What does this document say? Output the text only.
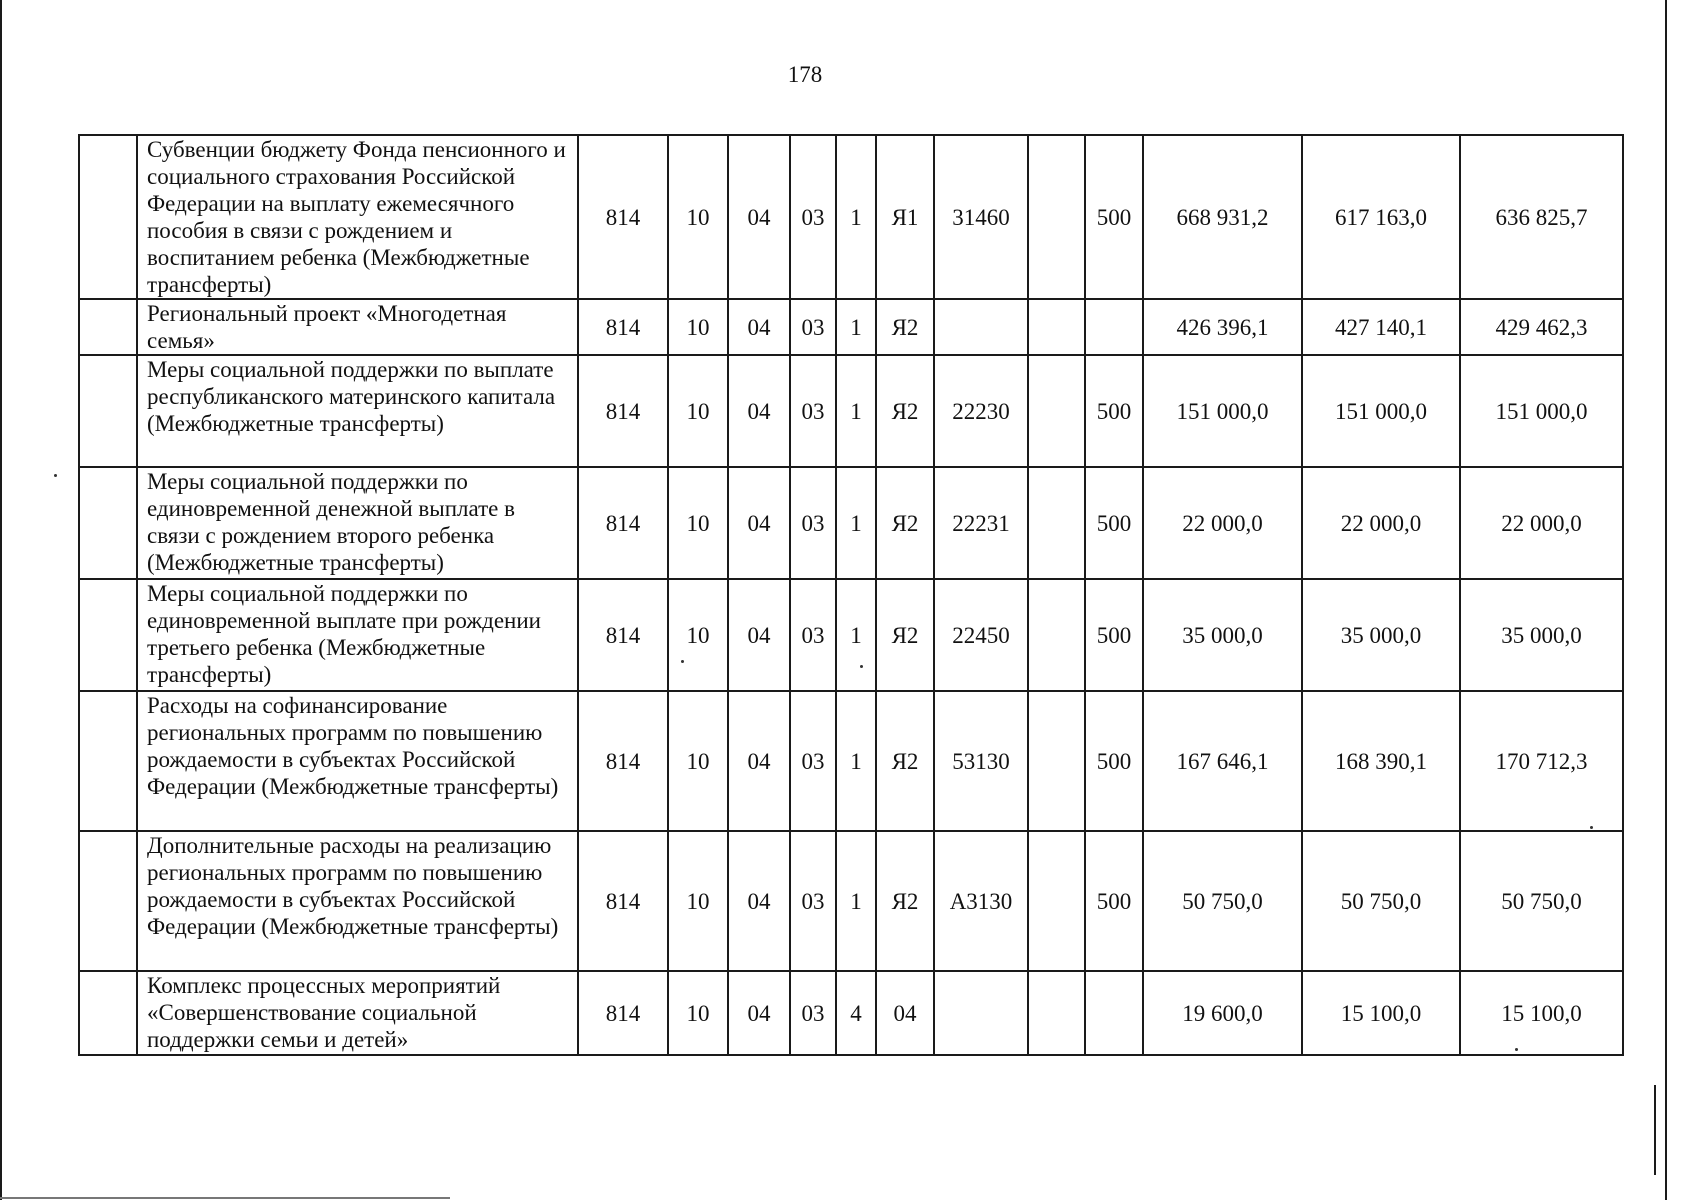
178
	Субвенции бюджету Фонда пенсионного и социального страхования Российской Федерации на выплату ежемесячного пособия в связи с рождением и воспитанием ребенка (Межбюджетные трансферты)	814	10	04	03	1	Я1	31460		500	668 931,2	617 163,0	636 825,7
	Региональный проект «Многодетная семья»	814	10	04	03	1	Я2				426 396,1	427 140,1	429 462,3
	Меры социальной поддержки по выплате республиканского материнского капитала (Межбюджетные трансферты)	814	10	04	03	1	Я2	22230		500	151 000,0	151 000,0	151 000,0
	Меры социальной поддержки по единовременной денежной выплате в связи с рождением второго ребенка (Межбюджетные трансферты)	814	10	04	03	1	Я2	22231		500	22 000,0	22 000,0	22 000,0
	Меры социальной поддержки по единовременной выплате при рождении третьего ребенка (Межбюджетные трансферты)	814	10	04	03	1	Я2	22450		500	35 000,0	35 000,0	35 000,0
	Расходы на софинансирование региональных программ по повышению рождаемости в субъектах Российской Федерации (Межбюджетные трансферты)	814	10	04	03	1	Я2	53130		500	167 646,1	168 390,1	170 712,3
	Дополнительные расходы на реализацию региональных программ по повышению рождаемости в субъектах Российской Федерации (Межбюджетные трансферты)	814	10	04	03	1	Я2	А3130		500	50 750,0	50 750,0	50 750,0
	Комплекс процессных мероприятий «Совершенствование социальной поддержки семьи и детей»	814	10	04	03	4	04				19 600,0	15 100,0	15 100,0
